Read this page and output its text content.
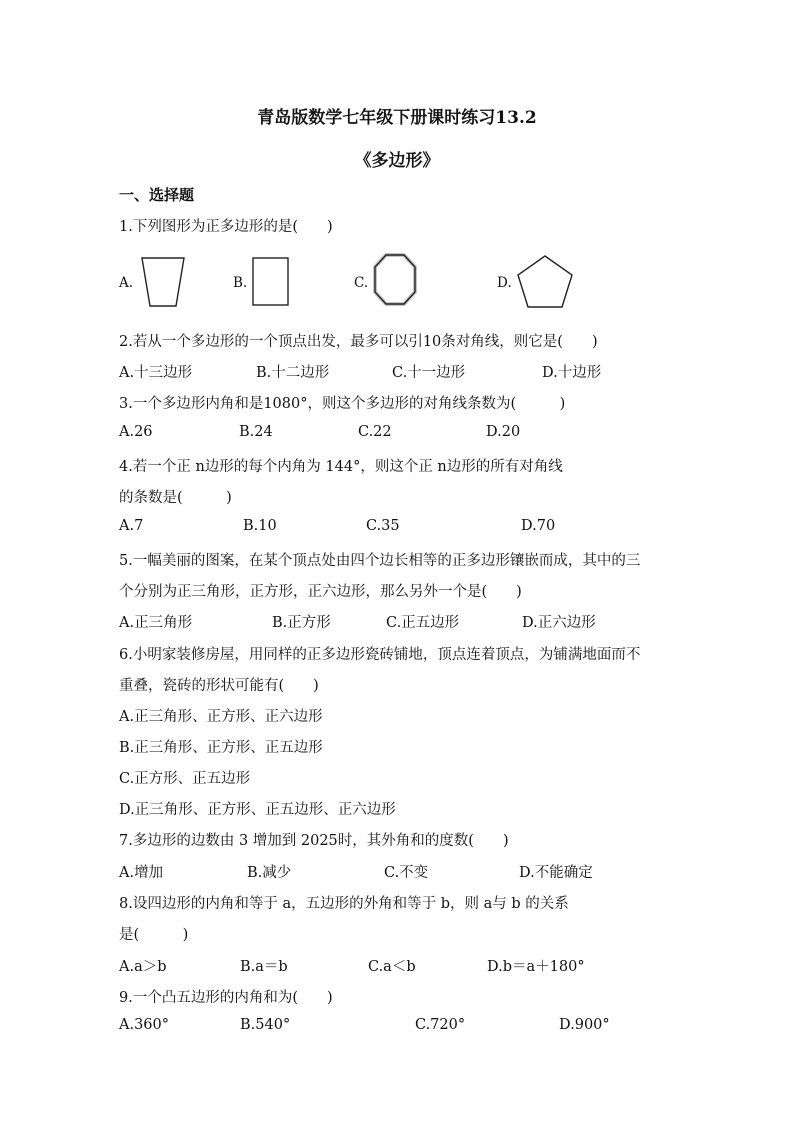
青岛版数学七年级下册课时练习13.2
《多边形》
一、选择题
1.下列图形为正多边形的是(　　)
A.	B.	C.	D.
2.若从一个多边形的一个顶点出发，最多可以引10条对角线，则它是(　　)
A.十三边形	B.十二边形	C.十一边形	D.十边形
3.一个多边形内角和是1080°，则这个多边形的对角线条数为(　　　)
A.26	B.24	C.22	D.20
4.若一个正 n边形的每个内角为 144°，则这个正 n边形的所有对角线
的条数是(　　　)
A.7	B.10	C.35	D.70
5.一幅美丽的图案，在某个顶点处由四个边长相等的正多边形镶嵌而成，其中的三
个分别为正三角形，正方形，正六边形，那么另外一个是(　　)
A.正三角形	B.正方形	C.正五边形	D.正六边形
6.小明家装修房屋，用同样的正多边形瓷砖铺地，顶点连着顶点，为铺满地面而不
重叠，瓷砖的形状可能有(　　)
A.正三角形、正方形、正六边形
B.正三角形、正方形、正五边形
C.正方形、正五边形
D.正三角形、正方形、正五边形、正六边形
7.多边形的边数由 3 增加到 2025时，其外角和的度数(　　)
A.增加	B.减少	C.不变	D.不能确定
8.设四边形的内角和等于 a，五边形的外角和等于 b，则 a与 b 的关系
是(　　　)
A.a＞b	B.a＝b	C.a＜b	D.b＝a＋180°
9.一个凸五边形的内角和为(　　)
A.360°	B.540°	C.720°	D.900°
